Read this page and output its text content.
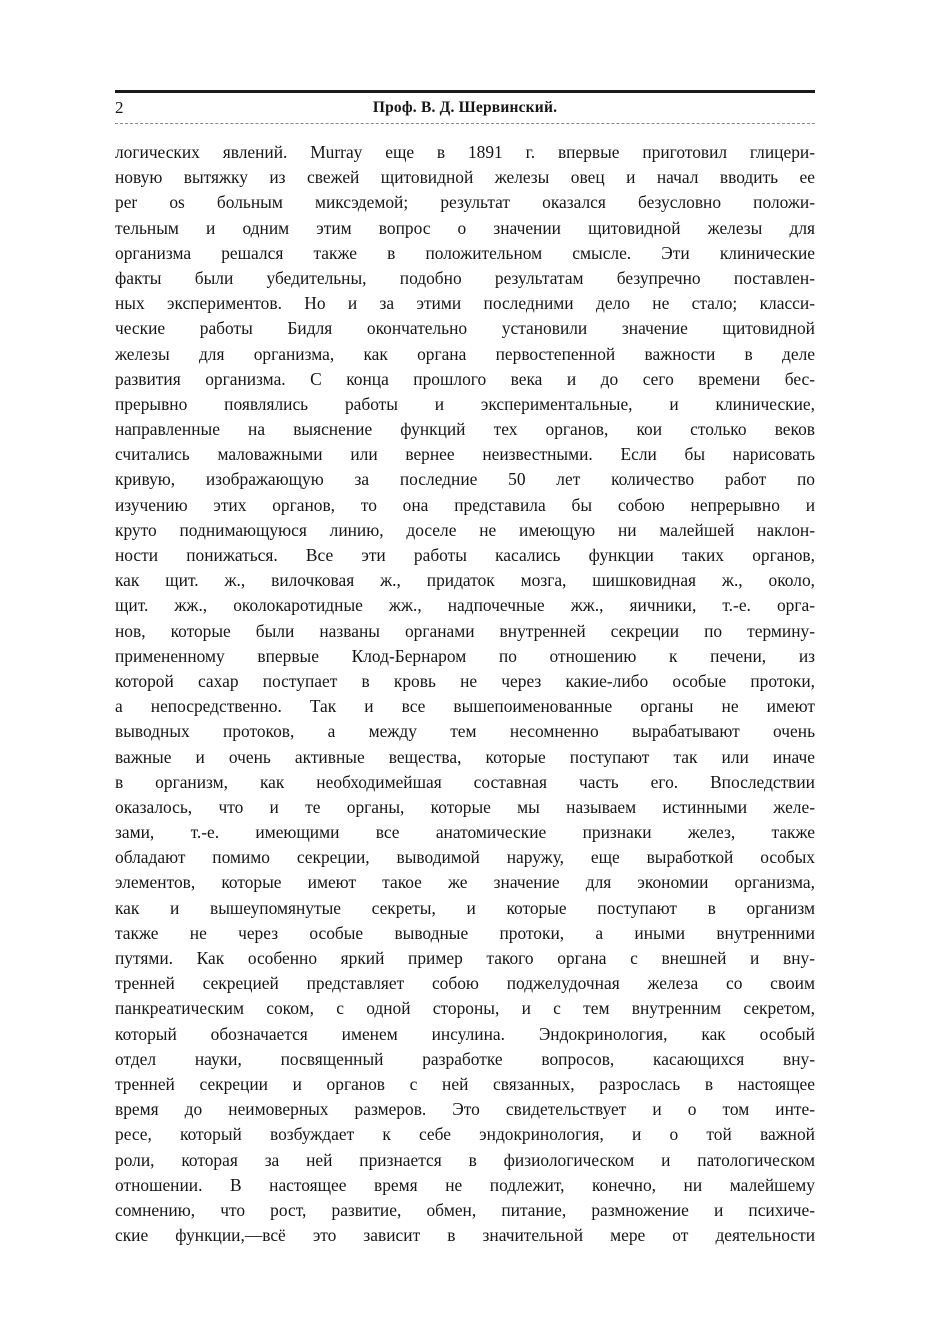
2	Проф. В. Д. Шервинский.
логических явлений. Murray еще в 1891 г. впервые приготовил глицери-
новую вытяжку из свежей щитовидной железы овец и начал вводить ее
per os больным миксэдемой; результат оказался безусловно положи-
тельным и одним этим вопрос о значении щитовидной железы для
организма решался также в положительном смысле. Эти клинические
факты были убедительны, подобно результатам безупречно поставлен-
ных экспериментов. Но и за этими последними дело не стало; класси-
ческие работы Бидля окончательно установили значение щитовидной
железы для организма, как органа первостепенной важности в деле
развития организма. С конца прошлого века и до сего времени бес-
прерывно появлялись работы и экспериментальные, и клинические,
направленные на выяснение функций тех органов, кои столько веков
считались маловажными или вернее неизвестными. Если бы нарисовать
кривую, изображающую за последние 50 лет количество работ по
изучению этих органов, то она представила бы собою непрерывно и
круто поднимающуюся линию, доселе не имеющую ни малейшей наклон-
ности понижаться. Все эти работы касались функции таких органов,
как щит. ж., вилочковая ж., придаток мозга, шишковидная ж., около,
щит. жж., околокаротидные жж., надпочечные жж., яичники, т.-е. орга-
нов, которые были названы органами внутренней секреции по термину-
примененному впервые Клод-Бернаром по отношению к печени, из
которой сахар поступает в кровь не через какие-либо особые протоки,
а непосредственно. Так и все вышепоименованные органы не имеют
выводных протоков, а между тем несомненно вырабатывают очень
важные и очень активные вещества, которые поступают так или иначе
в организм, как необходимейшая составная часть его. Впоследствии
оказалось, что и те органы, которые мы называем истинными желе-
зами, т.-е. имеющими все анатомические признаки желез, также
обладают помимо секреции, выводимой наружу, еще выработкой особых
элементов, которые имеют такое же значение для экономии организма,
как и вышеупомянутые секреты, и которые поступают в организм
также не через особые выводные протоки, а иными внутренними
путями. Как особенно яркий пример такого органа с внешней и вну-
тренней секрецией представляет собою поджелудочная железа со своим
панкреатическим соком, с одной стороны, и с тем внутренним секретом,
который обозначается именем инсулина. Эндокринология, как особый
отдел науки, посвященный разработке вопросов, касающихся вну-
тренней секреции и органов с ней связанных, разрослась в настоящее
время до неимоверных размеров. Это свидетельствует и о том инте-
ресе, который возбуждает к себе эндокринология, и о той важной
роли, которая за ней признается в физиологическом и патологическом
отношении. В настоящее время не подлежит, конечно, ни малейшему
сомнению, что рост, развитие, обмен, питание, размножение и психиче-
ские функции,—всё это зависит в значительной мере от деятельности
